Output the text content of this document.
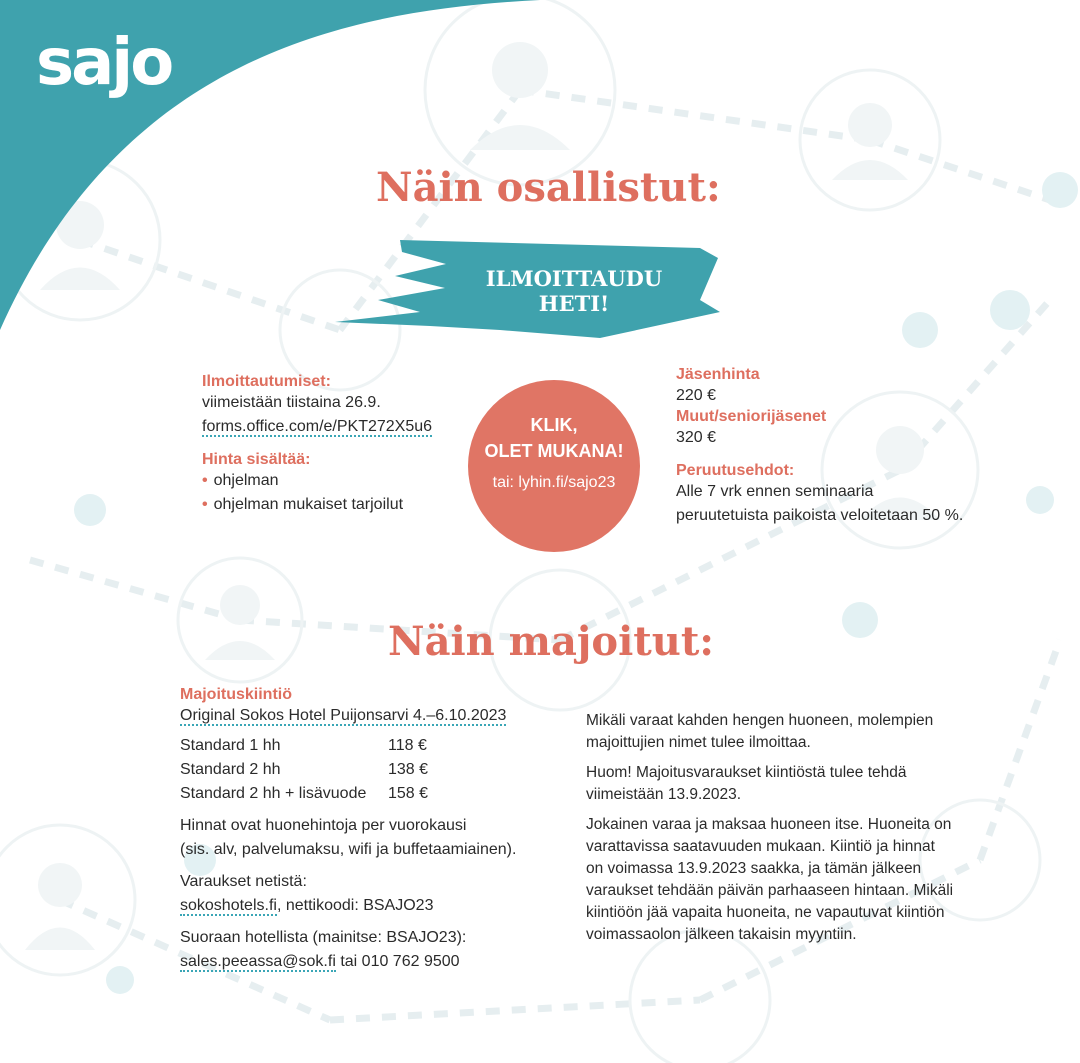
sajo
Näin osallistut:
ILMOITTAUDU
HETI!
Ilmoittautumiset:
viimeistään tiistaina 26.9.
forms.office.com/e/PKT272X5u6
Hinta sisältää:
• ohjelman
• ohjelman mukaiset tarjoilut
KLIK,
OLET MUKANA!
tai: lyhin.fi/sajo23
Jäsenhinta
220 €
Muut/seniorijäsenet
320 €
Peruutusehdot:
Alle 7 vrk ennen seminaaria
peruutetuista paikoista veloitetaan 50 %.
Näin majoitut:
Majoituskiintiö
Original Sokos Hotel Puijonsarvi 4.–6.10.2023
Standard 1 hh	118 €
Standard 2 hh	138 €
Standard 2 hh + lisävuode	158 €
Hinnat ovat huonehintoja per vuorokausi
(sis. alv, palvelumaksu, wifi ja buffetaamiainen).
Varaukset netistä:
sokoshotels.fi, nettikoodi: BSAJO23
Suoraan hotellista (mainitse: BSAJO23):
sales.peeassa@sok.fi tai 010 762 9500

Mikäli varaat kahden hengen huoneen, molempien
majoittujien nimet tulee ilmoittaa.

Huom! Majoitusvaraukset kiintiöstä tulee tehdä
viimeistään 13.9.2023.

Jokainen varaa ja maksaa huoneen itse. Huoneita on
varattavissa saatavuuden mukaan. Kiintiö ja hinnat
on voimassa 13.9.2023 saakka, ja tämän jälkeen
varaukset tehdään päivän parhaaseen hintaan. Mikäli
kiintiöön jää vapaita huoneita, ne vapautuvat kiintiön
voimassaolon jälkeen takaisin myyntiin.
